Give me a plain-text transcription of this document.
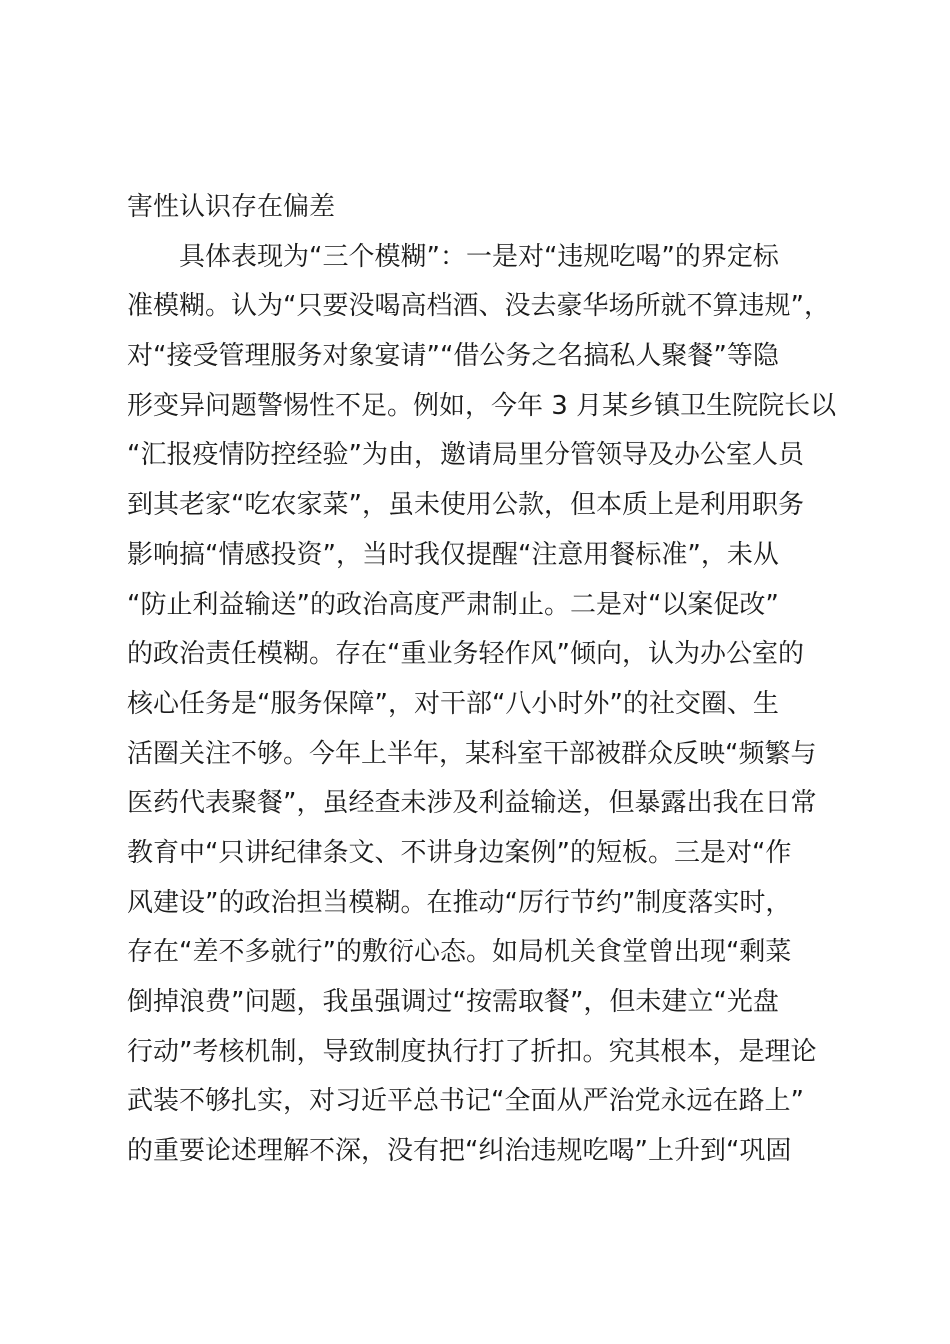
害性认识存在偏差
　　具体表现为“三个模糊”：一是对“违规吃喝”的界定标
准模糊。认为“只要没喝高档酒、没去豪华场所就不算违规”，
对“接受管理服务对象宴请”“借公务之名搞私人聚餐”等隐
形变异问题警惕性不足。例如，今年 3 月某乡镇卫生院院长以
“汇报疫情防控经验”为由，邀请局里分管领导及办公室人员
到其老家“吃农家菜”，虽未使用公款，但本质上是利用职务
影响搞“情感投资”，当时我仅提醒“注意用餐标准”，未从
“防止利益输送”的政治高度严肃制止。二是对“以案促改”
的政治责任模糊。存在“重业务轻作风”倾向，认为办公室的
核心任务是“服务保障”，对干部“八小时外”的社交圈、生
活圈关注不够。今年上半年，某科室干部被群众反映“频繁与
医药代表聚餐”，虽经查未涉及利益输送，但暴露出我在日常
教育中“只讲纪律条文、不讲身边案例”的短板。三是对“作
风建设”的政治担当模糊。在推动“厉行节约”制度落实时，
存在“差不多就行”的敷衍心态。如局机关食堂曾出现“剩菜
倒掉浪费”问题，我虽强调过“按需取餐”，但未建立“光盘
行动”考核机制，导致制度执行打了折扣。究其根本，是理论
武装不够扎实，对习近平总书记“全面从严治党永远在路上”
的重要论述理解不深，没有把“纠治违规吃喝”上升到“巩固
